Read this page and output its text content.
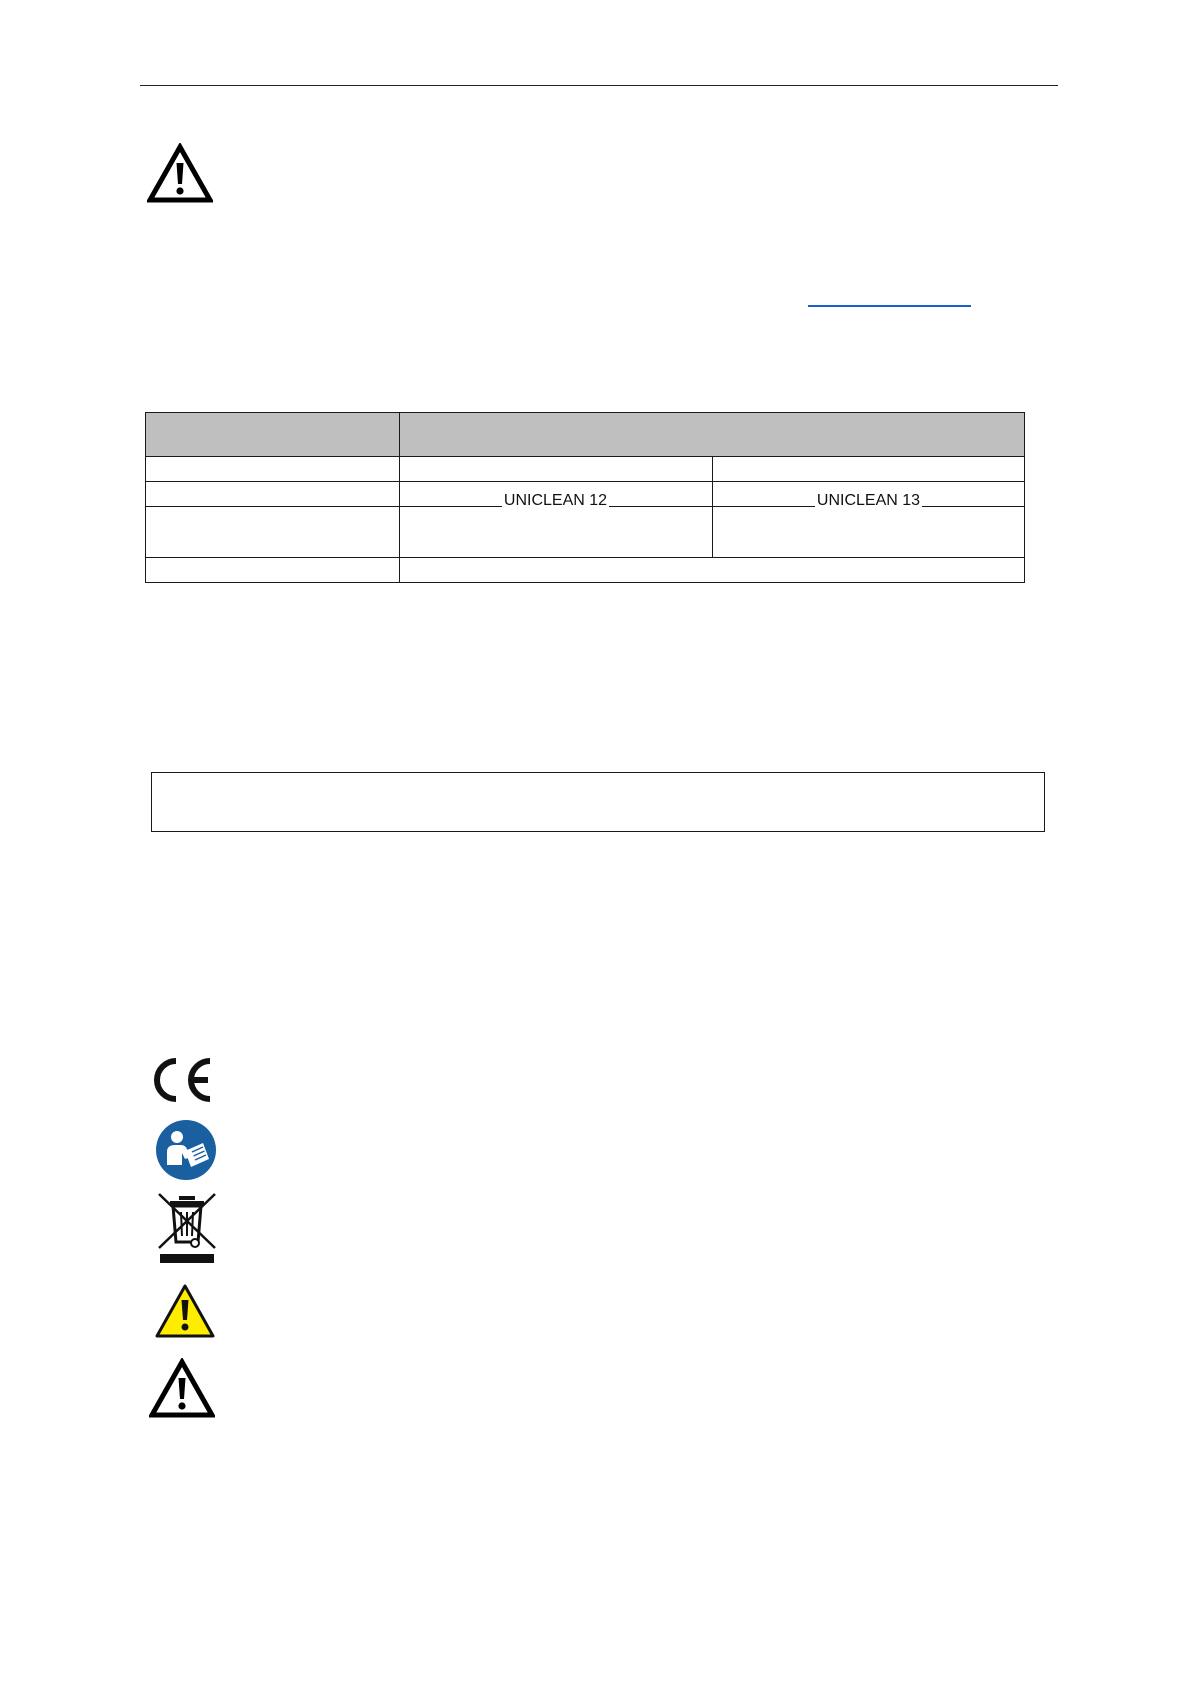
UNICLEAN 12	UNICLEAN 13
